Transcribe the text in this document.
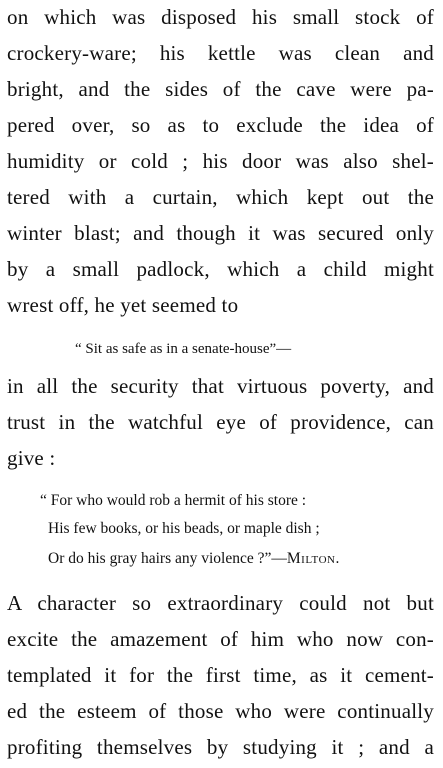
on which was disposed his small stock of
crockery-ware; his kettle was clean and
bright, and the sides of the cave were pa-
pered over, so as to exclude the idea of
humidity or cold ; his door was also shel-
tered with a curtain, which kept out the
winter blast; and though it was secured only
by a small padlock, which a child might
wrest off, he yet seemed to
“ Sit as safe as in a senate-house”—
in all the security that virtuous poverty, and
trust in the watchful eye of providence, can
give :
“ For who would rob a hermit of his store :
His few books, or his beads, or maple dish ;
Or do his gray hairs any violence ?”—Milton.
A character so extraordinary could not but
excite the amazement of him who now con-
templated it for the first time, as it cement-
ed the esteem of those who were continually
profiting themselves by studying it ; and a
